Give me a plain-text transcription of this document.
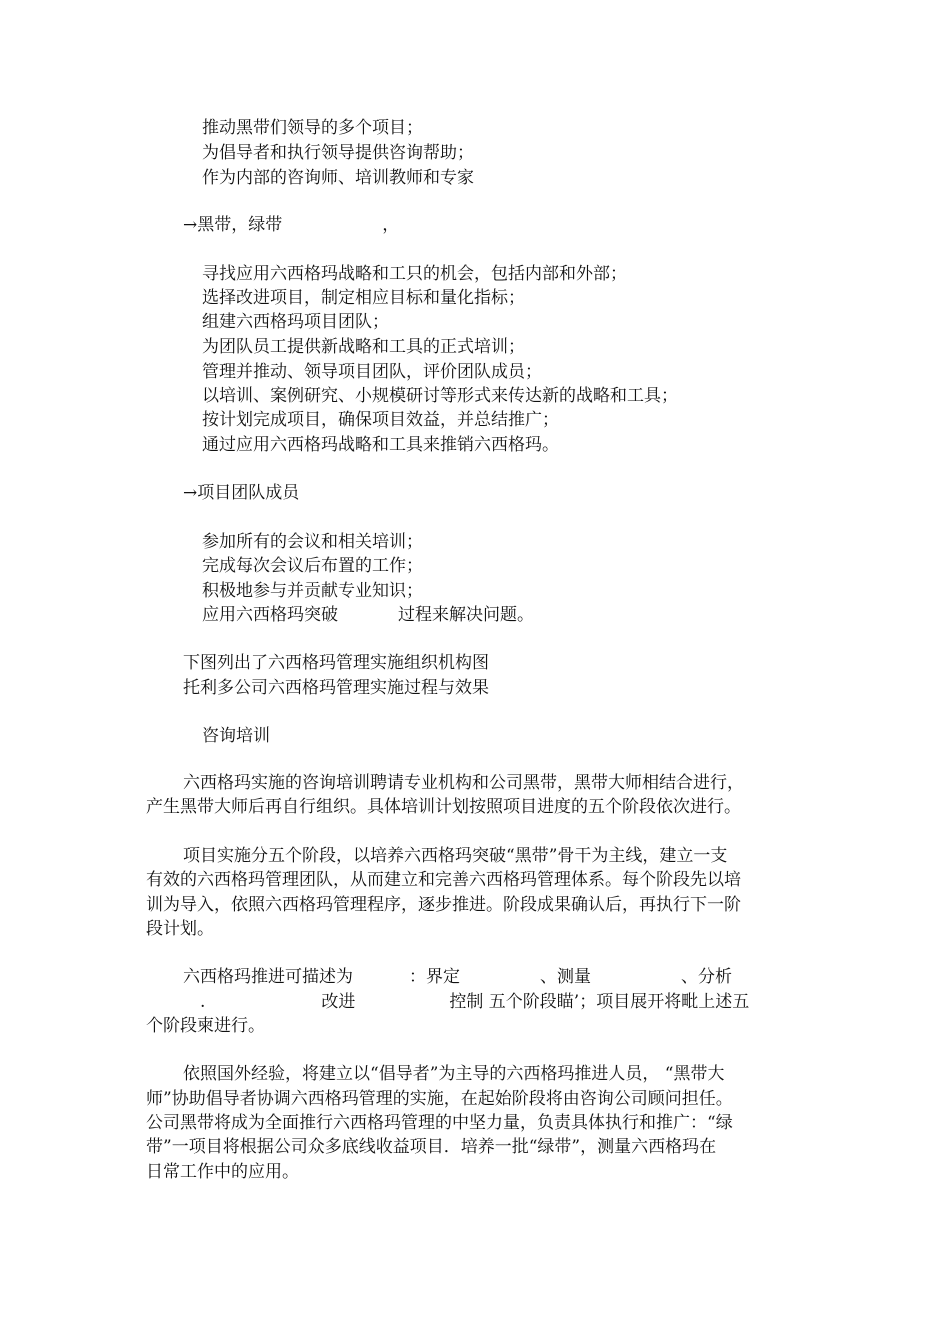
推动黑带们领导的多个项目；
为倡导者和执行领导提供咨询帮助；
作为内部的咨询师、培训教师和专家
→黑带，绿带	，
寻找应用六西格玛战略和工只的机会，包括内部和外部；
选择改进项目，制定相应目标和量化指标；
组建六西格玛项目团队；
为团队员工提供新战略和工具的正式培训；
管理并推动、领导项目团队，评价团队成员；
以培训、案例研究、小规模研讨等形式来传达新的战略和工具；
按计划完成项目，确保项目效益，并总结推广；
通过应用六西格玛战略和工具来推销六西格玛。
→项目团队成员
参加所有的会议和相关培训；
完成每次会议后布置的工作；
积极地参与并贡献专业知识；
应用六西格玛突破	过程来解决问题。
下图列出了六西格玛管理实施组织机构图
托利多公司六西格玛管理实施过程与效果
咨询培训
六西格玛实施的咨询培训聘请专业机构和公司黑带，黑带大师相结合进行，
产生黑带大师后再自行组织。具体培训计划按照项目进度的五个阶段依次进行。
项目实施分五个阶段，以培养六西格玛突破“黑带”骨干为主线，建立一支
有效的六西格玛管理团队，从而建立和完善六西格玛管理体系。每个阶段先以培
训为导入，依照六西格玛管理程序，逐步推进。阶段成果确认后，再执行下一阶
段计划。
六西格玛推进可描述为	：界定	、测量	、分析
.	改进	控制 五个阶段瞄’；项目展开将毗上述五
个阶段柬进行。
依照国外经验，将建立以“倡导者”为主导的六西格玛推进人员， “黑带大
师”协助倡导者协调六西格玛管理的实施，在起始阶段将由咨询公司顾问担任。
公司黑带将成为全面推行六西格玛管理的中坚力量，负责具体执行和推广：“绿
带”一项目将根据公司众多底线收益项目．培养一批“绿带”，测量六西格玛在
日常工作中的应用。
